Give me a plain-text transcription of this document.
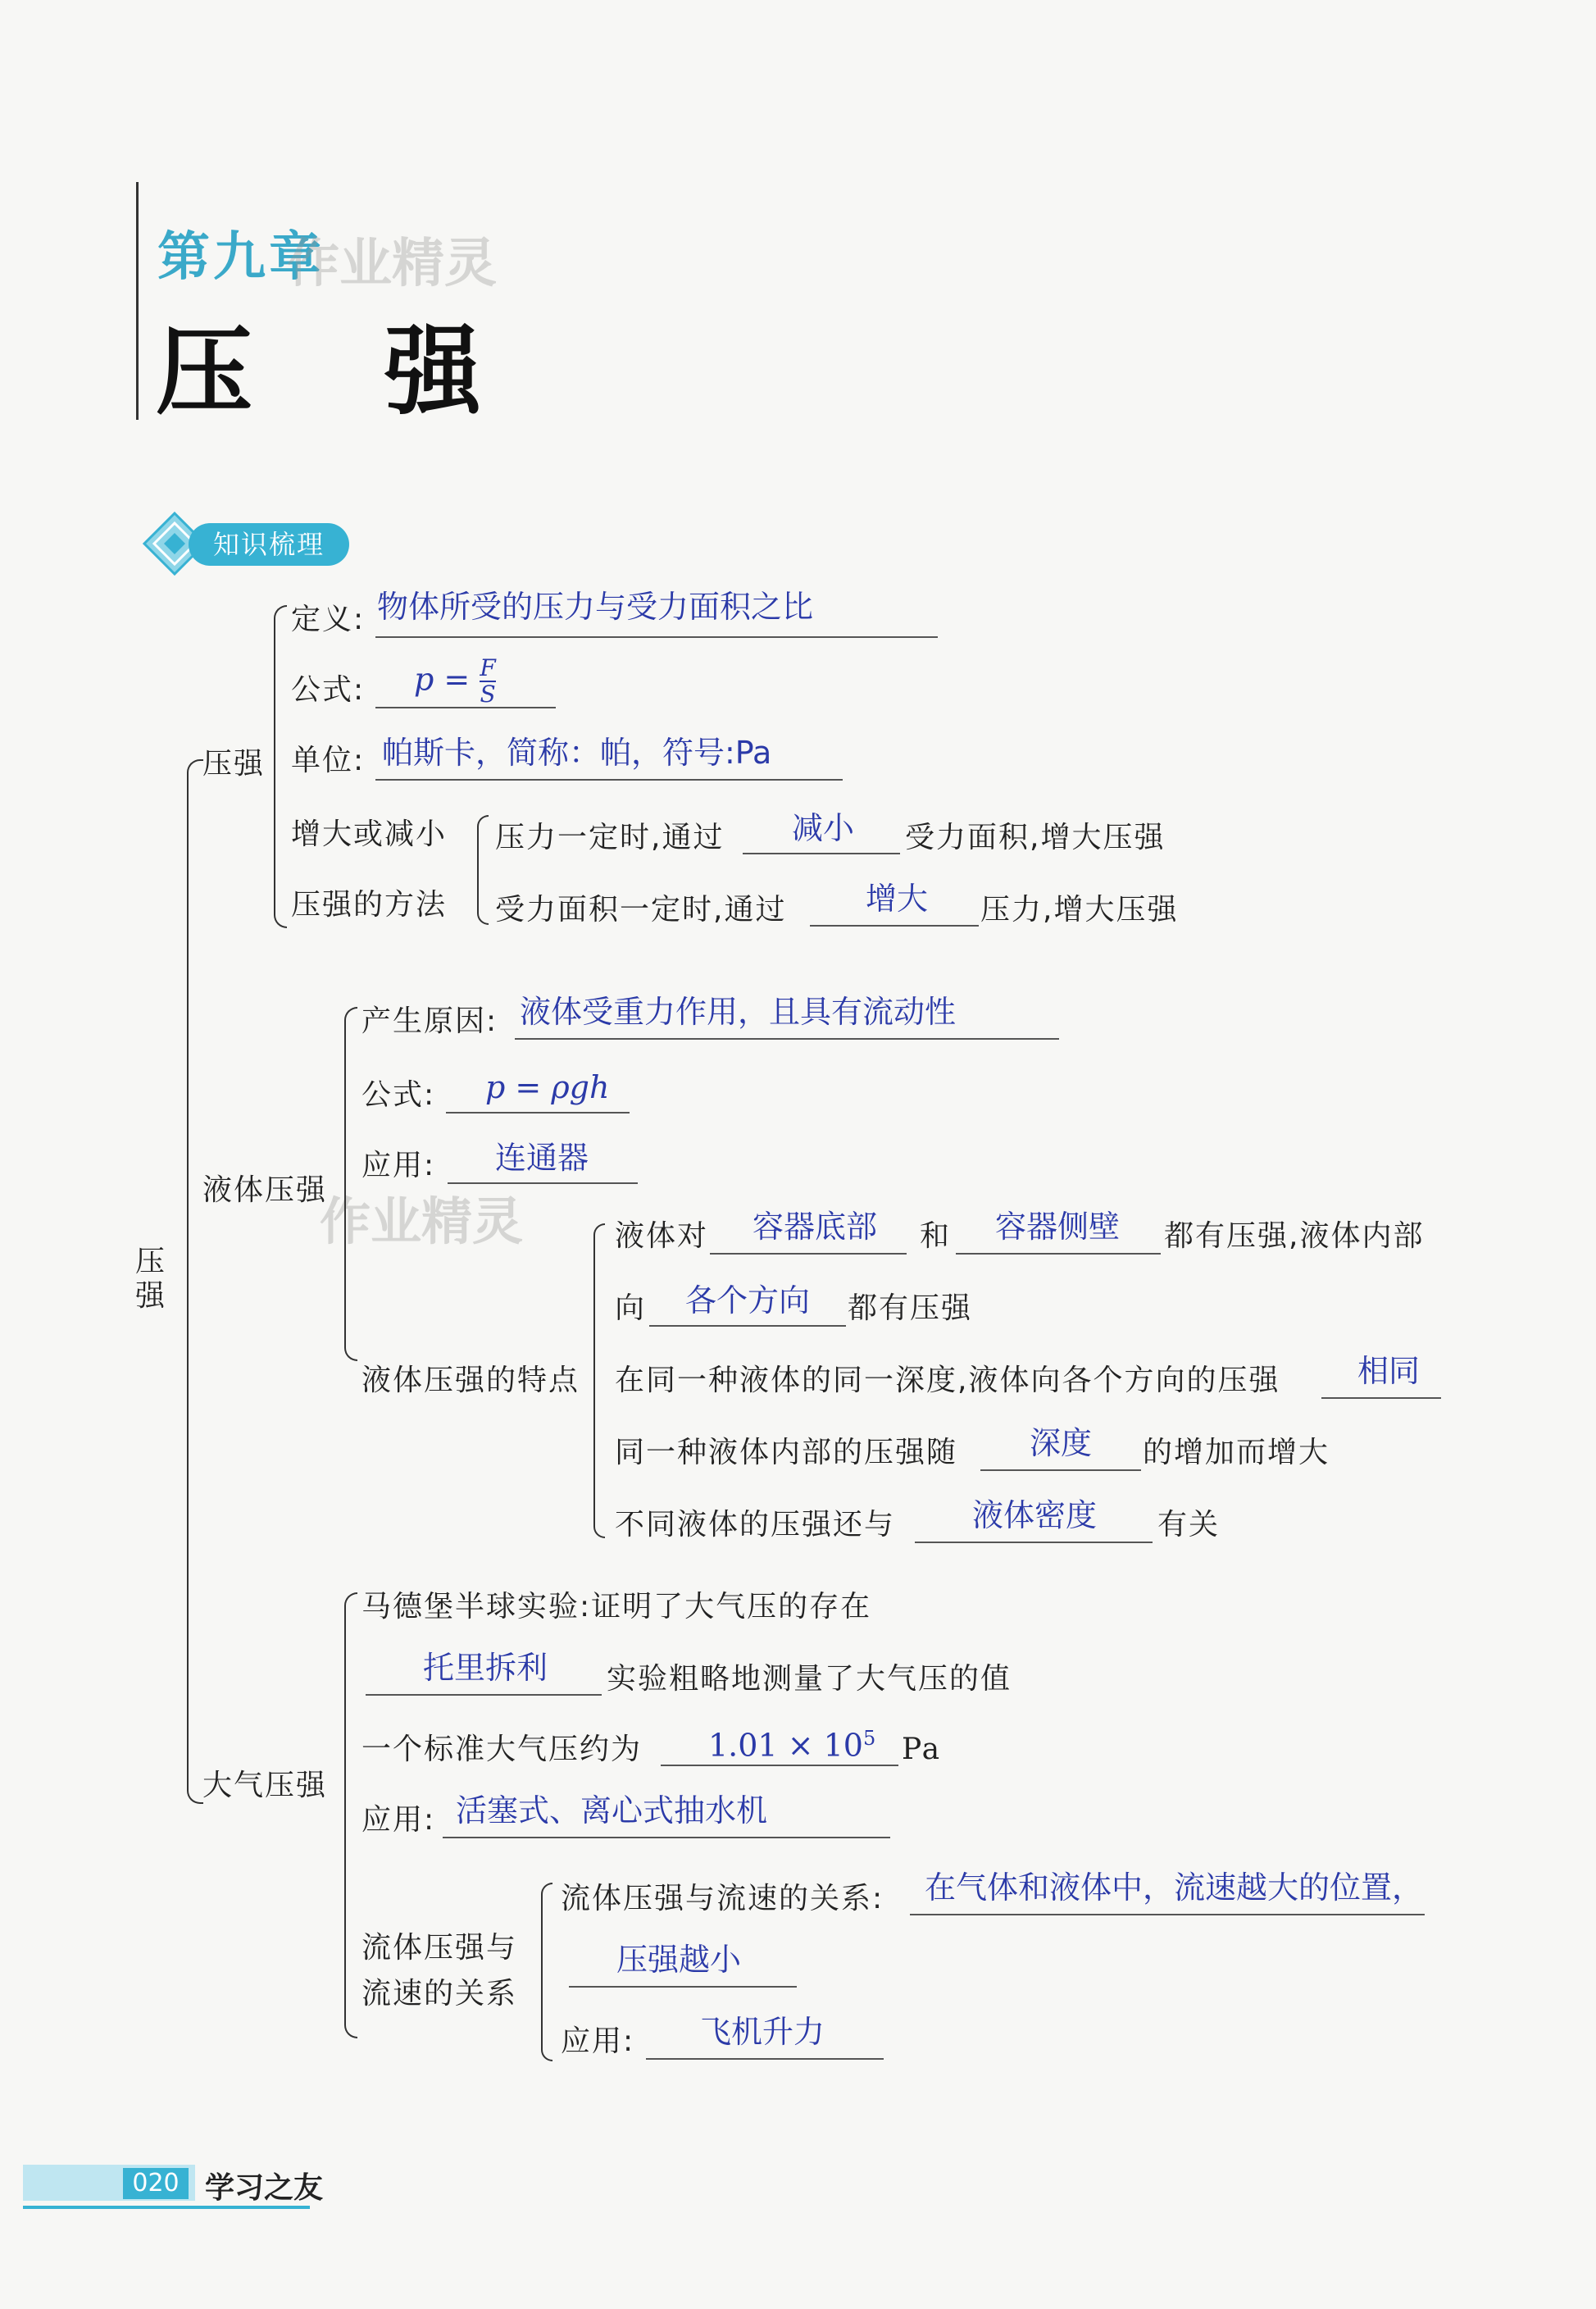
第九章
作业精灵
压 强
知识梳理
压强
压强
定义: 物体所受的压力与受力面积之比
公式: $p = \frac{F}{S}$
单位: 帕斯卡，简称：帕，符号:Pa
增大或减小
压强的方法
压力一定时,通过 减小 受力面积,增大压强
受力面积一定时,通过	增大 压力,增大压强
液体压强
作业精灵
产生原因: 液体受重力作用，且具有流动性
公式: p = ρgh
应用: 连通器
液体压强的特点
液体对 容器底部 和 容器侧壁 都有压强,液体内部
向 各个方向 都有压强
在同一种液体的同一深度,液体向各个方向的压强 相同
同一种液体内部的压强随 深度 的增加而增大
不同液体的压强还与 液体密度 有关
大气压强
马德堡半球实验:证明了大气压的存在
托里拆利 实验粗略地测量了大气压的值
一个标准大气压约为 $1.01 \times 10^5$ Pa
应用: 活塞式、离心式抽水机
流体压强与
流速的关系
流体压强与流速的关系: 在气体和液体中，流速越大的位置，
压强越小
应用: 飞机升力
020 学习之友
